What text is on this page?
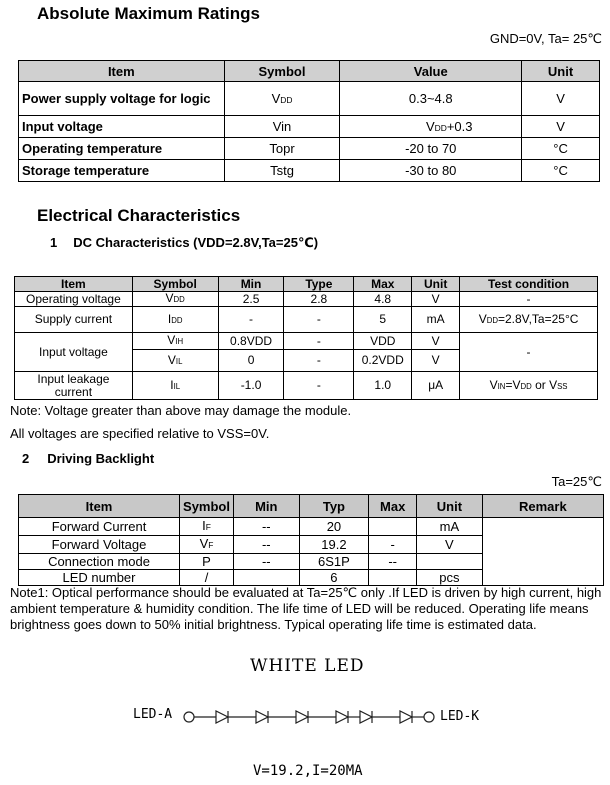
Absolute Maximum Ratings
GND=0V, Ta= 25℃
Item	Symbol	Value	Unit
Power supply voltage for logic	VDD	0.3~4.8	V
Input voltage	Vin	VDD+0.3	V
Operating temperature	Topr	-20 to 70	°C
Storage temperature	Tstg	-30 to 80	°C
Electrical Characteristics
1 DC Characteristics (VDD=2.8V,Ta=25℃)
Item	Symbol	Min	Type	Max	Unit	Test condition
Operating voltage	VDD	2.5	2.8	4.8	V	-
Supply current	IDD	-	-	5	mA	VDD=2.8V,Ta=25°C
Input voltage	VIH	0.8VDD	-	VDD	V	-
	VIL	0	-	0.2VDD	V	
Input leakage current	IIL	-1.0	-	1.0	μA	VIN=VDD or VSS
Note: Voltage greater than above may damage the module.
All voltages are specified relative to VSS=0V.
2 Driving Backlight
Ta=25℃
Item	Symbol	Min	Typ	Max	Unit	Remark
Forward Current	IF	--	20		mA	
Forward Voltage	VF	--	19.2	-	V	
Connection mode	P	--	6S1P	--		
LED number	/		6		pcs	
Note1: Optical performance should be evaluated at Ta=25℃ only .If LED is driven by high current, high ambient temperature & humidity condition. The life time of LED will be reduced. Operating life means brightness goes down to 50% initial brightness. Typical operating life time is estimated data.
WHITE LED
LED-A	LED-K
V=19.2,I=20MA
